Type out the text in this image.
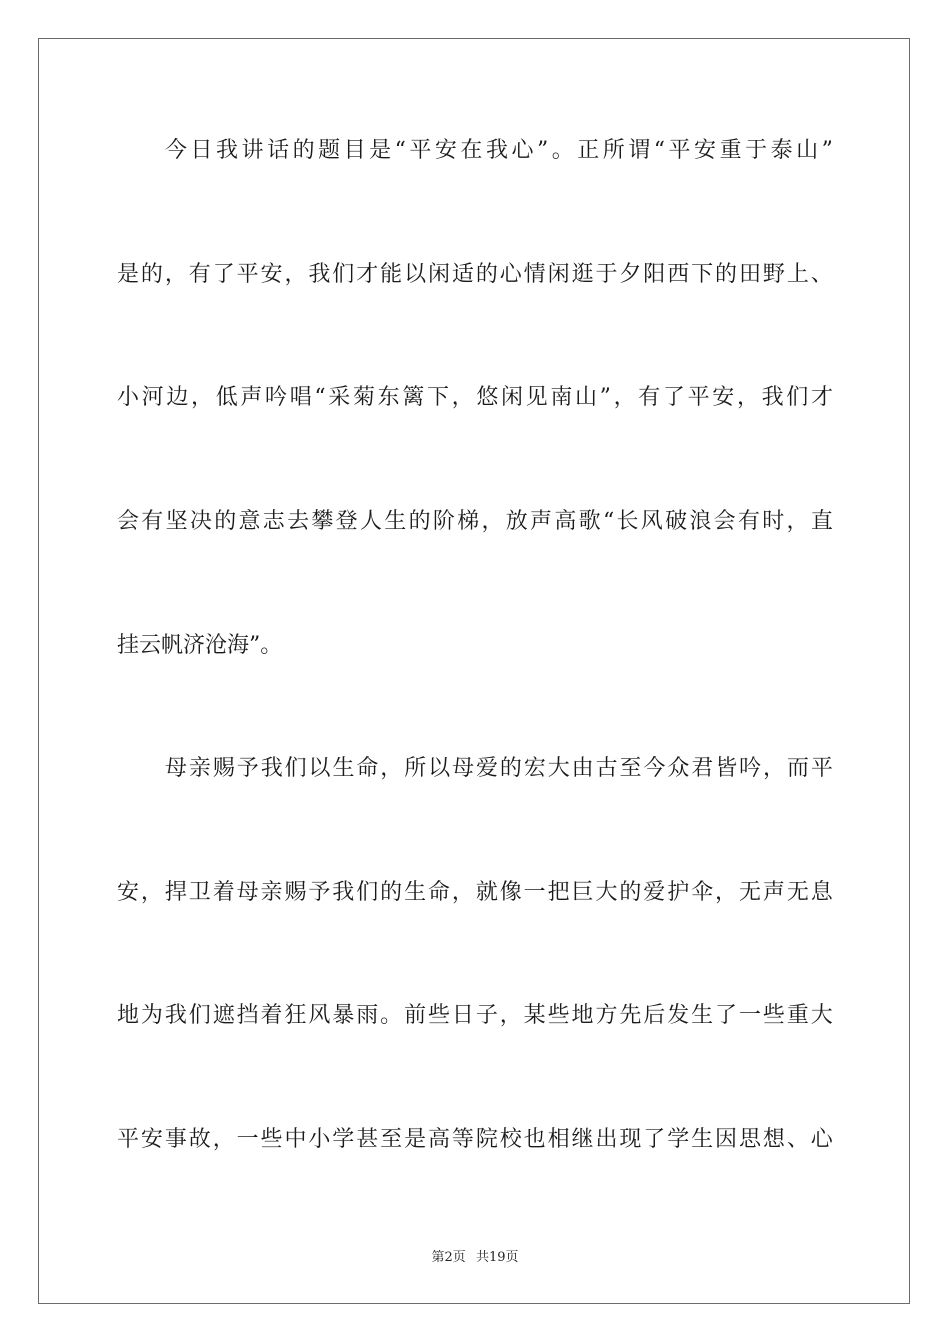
今 日 我 讲 话 的 题 目 是 “ 平 安 在 我 心 ” 。 正 所 谓 “ 平 安 重 于 泰 山 ”
是 的 ， 有 了 平 安 ， 我 们 才 能 以 闲 适 的 心 情 闲 逛 于 夕 阳 西 下 的 田 野 上 、
小 河 边 ， 低 声 吟 唱 “ 采 菊 东 篱 下 ， 悠 闲 见 南 山 ” ， 有 了 平 安 ， 我 们 才
会 有 坚 决 的 意 志 去 攀 登 人 生 的 阶 梯 ， 放 声 高 歌 “ 长 风 破 浪 会 有 时 ， 直
挂云帆济沧海”。
母 亲 赐 予 我 们 以 生 命 ， 所 以 母 爱 的 宏 大 由 古 至 今 众 君 皆 吟 ， 而 平
安 ， 捍 卫 着 母 亲 赐 予 我 们 的 生 命 ， 就 像 一 把 巨 大 的 爱 护 伞 ， 无 声 无 息
地 为 我 们 遮 挡 着 狂 风 暴 雨 。 前 些 日 子 ， 某 些 地 方 先 后 发 生 了 一 些 重 大
平 安 事 故 ， 一 些 中 小 学 甚 至 是 高 等 院 校 也 相 继 出 现 了 学 生 因 思 想 、 心
第2页 共19页
